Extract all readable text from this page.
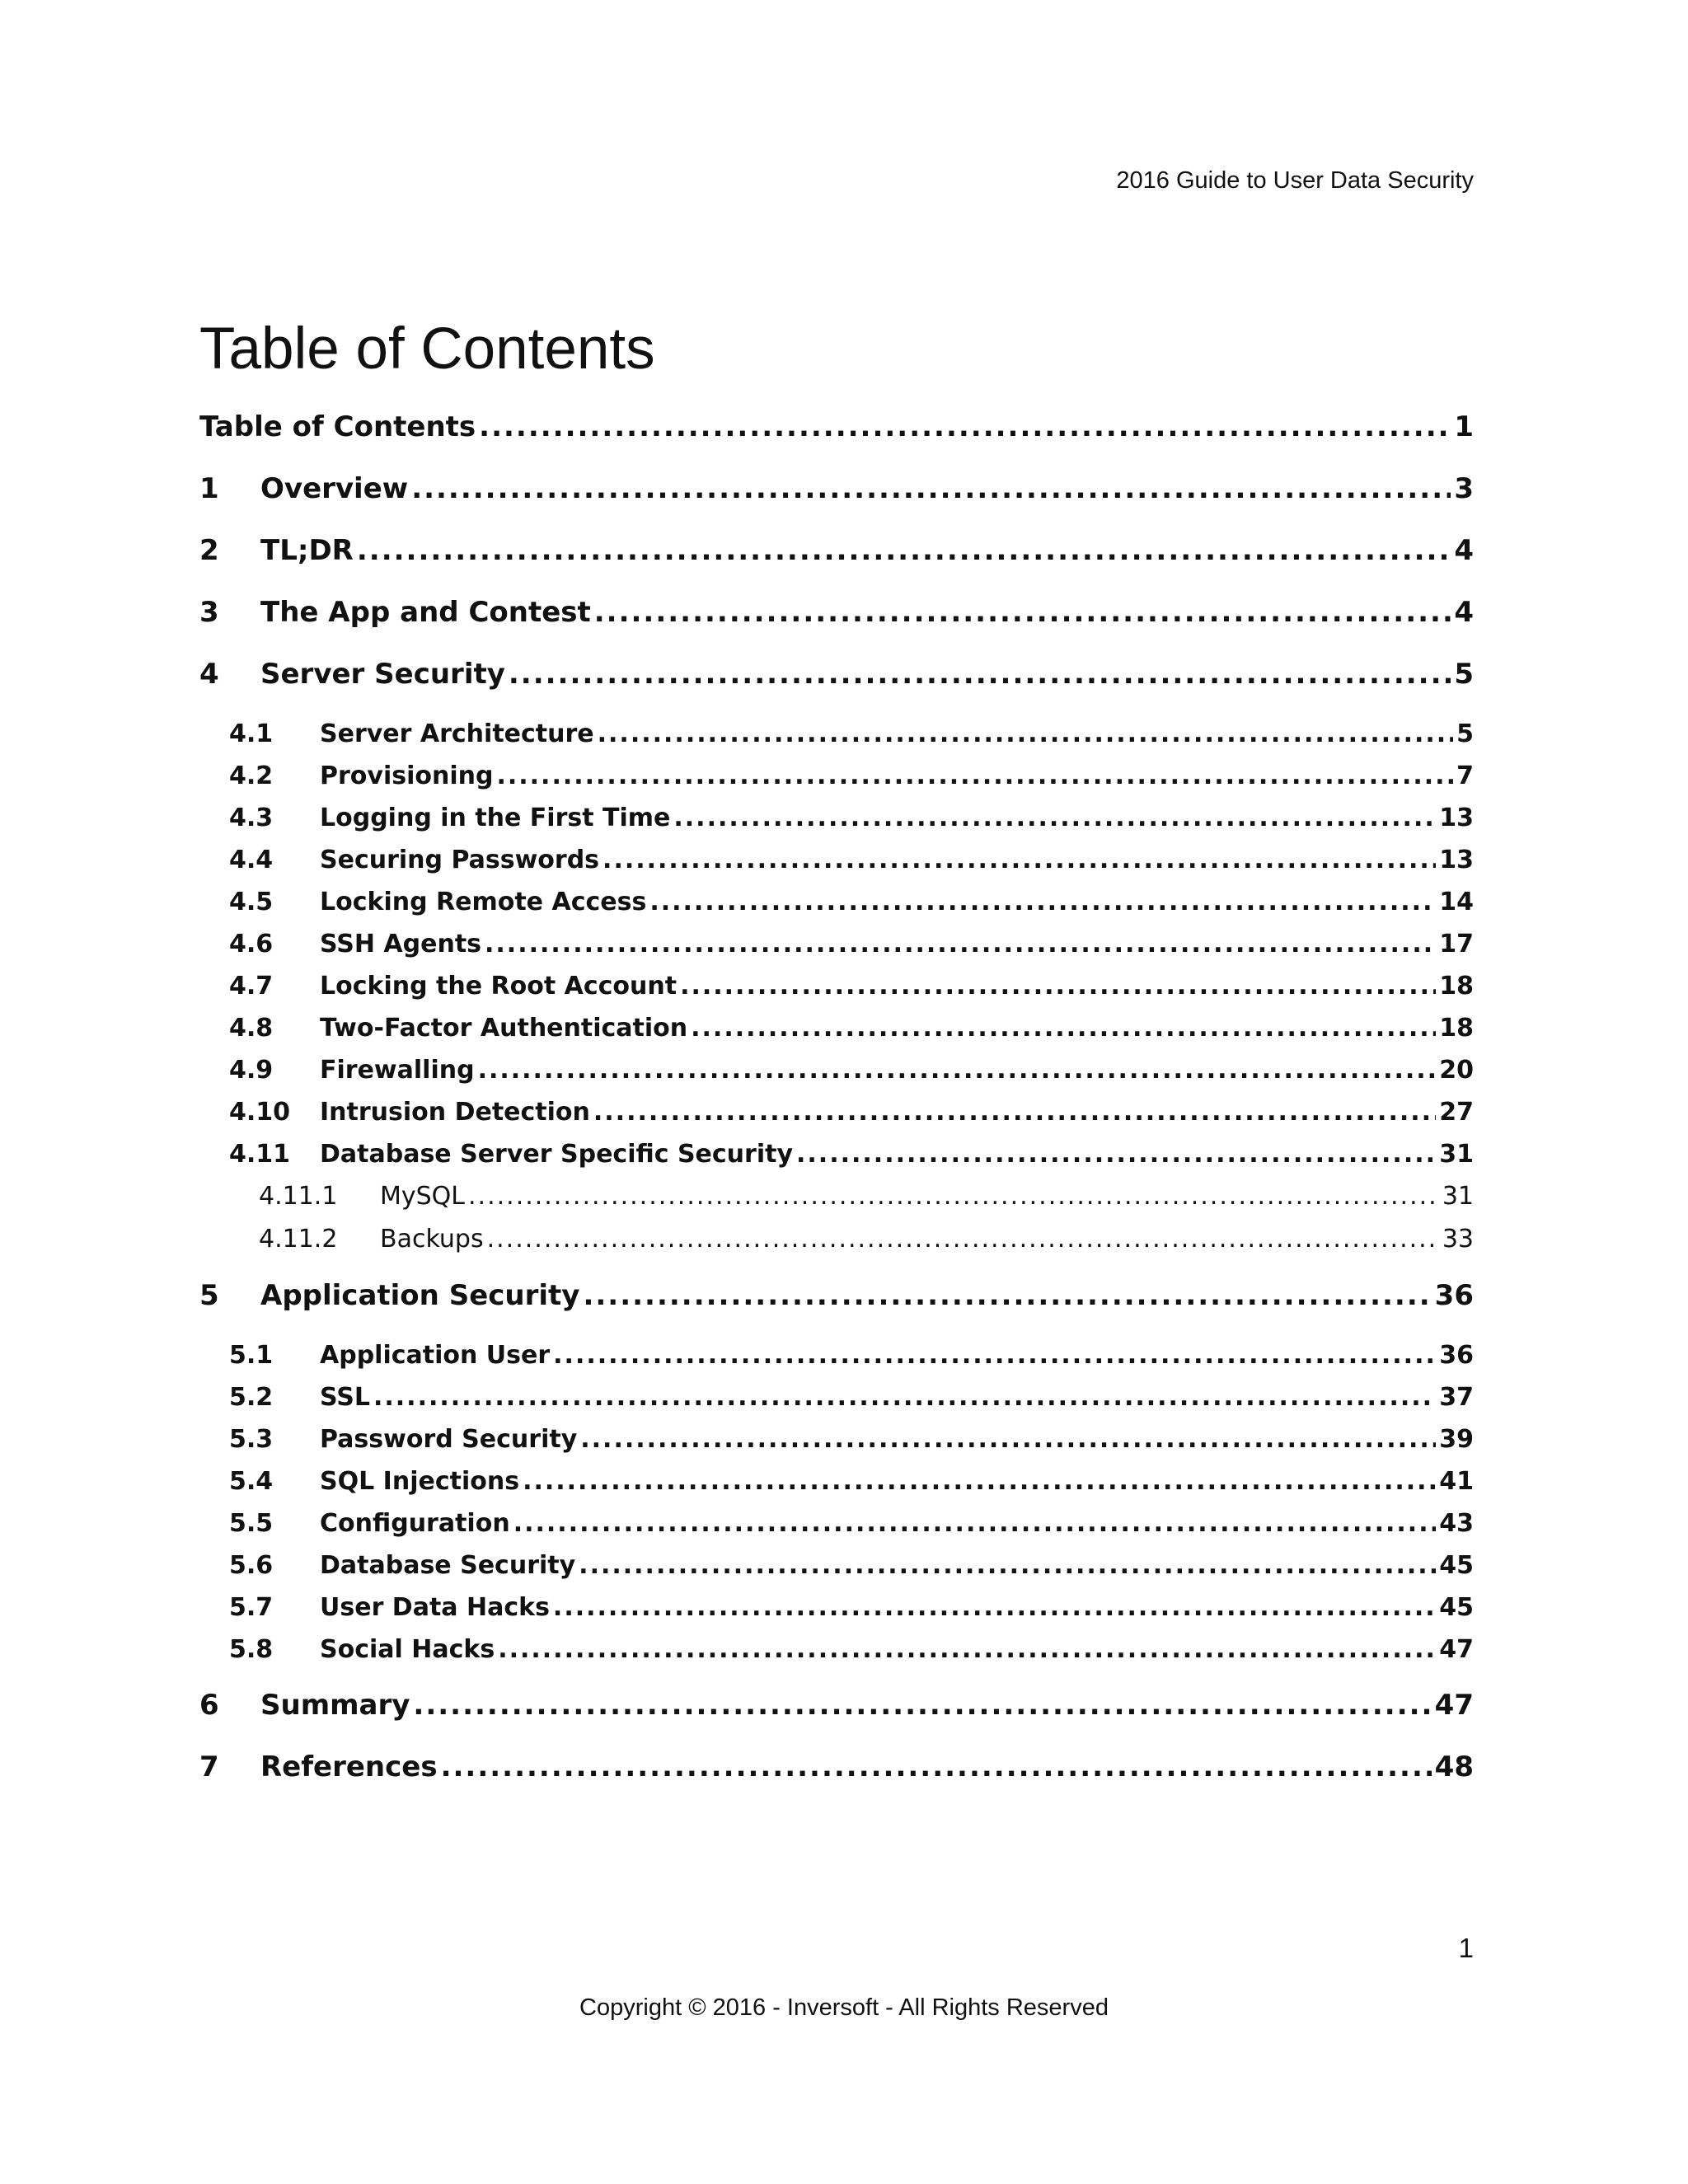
2016 Guide to User Data Security
Table of Contents
Table of Contents .....	1
1	Overview .....	3
2	TL;DR .....	4
3	The App and Contest .....	4
4	Server Security .....	5
4.1	Server Architecture .....	5
4.2	Provisioning .....	7
4.3	Logging in the First Time .....	13
4.4	Securing Passwords .....	13
4.5	Locking Remote Access .....	14
4.6	SSH Agents .....	17
4.7	Locking the Root Account .....	18
4.8	Two-Factor Authentication .....	18
4.9	Firewalling .....	20
4.10	Intrusion Detection .....	27
4.11	Database Server Specific Security .....	31
4.11.1	MySQL .....	31
4.11.2	Backups .....	33
5	Application Security .....	36
5.1	Application User .....	36
5.2	SSL .....	37
5.3	Password Security .....	39
5.4	SQL Injections .....	41
5.5	Configuration .....	43
5.6	Database Security .....	45
5.7	User Data Hacks .....	45
5.8	Social Hacks .....	47
6	Summary .....	47
7	References .....	48
1
Copyright © 2016 - Inversoft - All Rights Reserved
